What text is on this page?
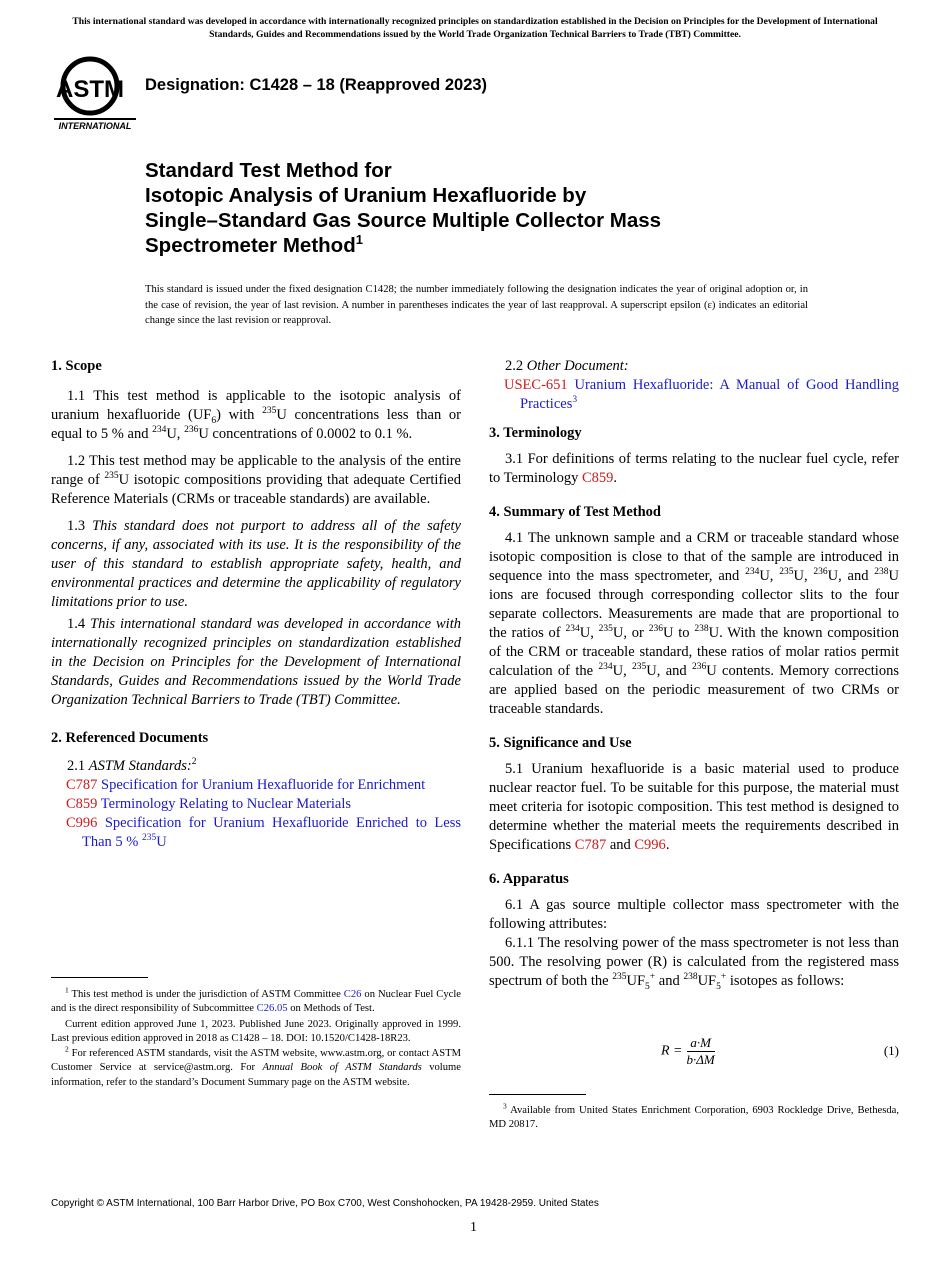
This international standard was developed in accordance with internationally recognized principles on standardization established in the Decision on Principles for the Development of International Standards, Guides and Recommendations issued by the World Trade Organization Technical Barriers to Trade (TBT) Committee.
ASTM
INTERNATIONAL
Designation: C1428 – 18 (Reapproved 2023)
Standard Test Method for
Isotopic Analysis of Uranium Hexafluoride by
Single–Standard Gas Source Multiple Collector Mass
Spectrometer Method$^1$
This standard is issued under the fixed designation C1428; the number immediately following the designation indicates the year of original adoption or, in the case of revision, the year of last revision. A number in parentheses indicates the year of last reapproval. A superscript epsilon (ε) indicates an editorial change since the last revision or reapproval.

1. Scope

1.1 This test method is applicable to the isotopic analysis of uranium hexafluoride $(UF_6)$ with $^{235}$U concentrations less than or equal to 5 % and $^{234}$U, $^{236}$U concentrations of 0.0002 to 0.1 %.

1.2 This test method may be applicable to the analysis of the entire range of $^{235}$U isotopic compositions providing that adequate Certified Reference Materials (CRMs or traceable standards) are available.

1.3 This standard does not purport to address all of the safety concerns, if any, associated with its use. It is the responsibility of the user of this standard to establish appropriate safety, health, and environmental practices and determine the applicability of regulatory limitations prior to use.

1.4 This international standard was developed in accordance with internationally recognized principles on standardization established in the Decision on Principles for the Development of International Standards, Guides and Recommendations issued by the World Trade Organization Technical Barriers to Trade (TBT) Committee.

2. Referenced Documents

2.1 ASTM Standards:$^2$

C787 Specification for Uranium Hexafluoride for Enrichment

C859 Terminology Relating to Nuclear Materials

C996 Specification for Uranium Hexafluoride Enriched to Less Than 5 % $^{235}$U

$^1$ This test method is under the jurisdiction of ASTM Committee C26 on Nuclear Fuel Cycle and is the direct responsibility of Subcommittee C26.05 on Methods of Test.

Current edition approved June 1, 2023. Published June 2023. Originally approved in 1999. Last previous edition approved in 2018 as C1428 – 18. DOI: 10.1520/C1428-18R23.

$^2$ For referenced ASTM standards, visit the ASTM website, www.astm.org, or contact ASTM Customer Service at service@astm.org. For Annual Book of ASTM Standards volume information, refer to the standard’s Document Summary page on the ASTM website.

2.2 Other Document:

USEC-651 Uranium Hexafluoride: A Manual of Good Handling Practices$^3$

3. Terminology

3.1 For definitions of terms relating to the nuclear fuel cycle, refer to Terminology C859.

4. Summary of Test Method

4.1 The unknown sample and a CRM or traceable standard whose isotopic composition is close to that of the sample are introduced in sequence into the mass spectrometer, and $^{234}$U, $^{235}$U, $^{236}$U, and $^{238}$U ions are focused through corresponding collector slits to the four separate collectors. Measurements are made that are proportional to the ratios of $^{234}$U, $^{235}$U, or $^{236}$U to $^{238}$U. With the known composition of the CRM or traceable standard, these ratios of molar ratios permit calculation of the $^{234}$U, $^{235}$U, and $^{236}$U contents. Memory corrections are applied based on the periodic measurement of two CRMs or traceable standards.

5. Significance and Use

5.1 Uranium hexafluoride is a basic material used to produce nuclear reactor fuel. To be suitable for this purpose, the material must meet criteria for isotopic composition. This test method is designed to determine whether the material meets the requirements described in Specifications C787 and C996.

6. Apparatus

6.1 A gas source multiple collector mass spectrometer with the following attributes:

6.1.1 The resolving power of the mass spectrometer is not less than 500. The resolving power (R) is calculated from the registered mass spectrum of both the $^{235}UF_5^+$ and $^{238}UF_5^+$ isotopes as follows:

$R = \frac{a\cdot M}{b\cdot\Delta M}$	(1)

$^3$ Available from United States Enrichment Corporation, 6903 Rockledge Drive, Bethesda, MD 20817.

Copyright © ASTM International, 100 Barr Harbor Drive, PO Box C700, West Conshohocken, PA 19428-2959. United States
1
